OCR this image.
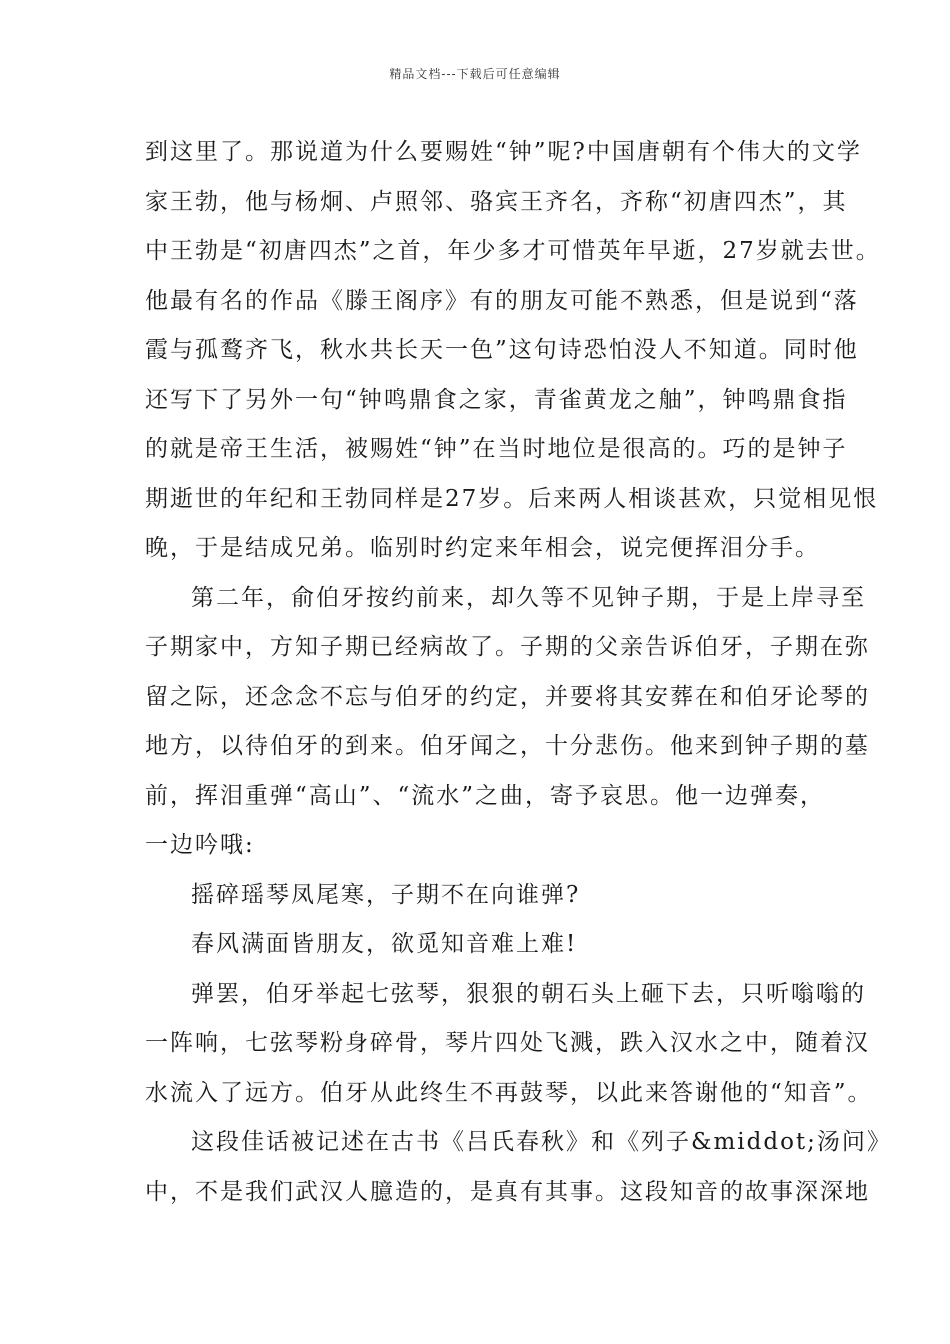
精品文档---下载后可任意编辑
到这里了。那说道为什么要赐姓“钟”呢?中国唐朝有个伟大的文学
家王勃，他与杨炯、卢照邻、骆宾王齐名，齐称“初唐四杰”，其
中王勃是“初唐四杰”之首，年少多才可惜英年早逝，27岁就去世。
他最有名的作品《滕王阁序》有的朋友可能不熟悉，但是说到“落
霞与孤鹜齐飞，秋水共长天一色”这句诗恐怕没人不知道。同时他
还写下了另外一句“钟鸣鼎食之家，青雀黄龙之舳”，钟鸣鼎食指
的就是帝王生活，被赐姓“钟”在当时地位是很高的。巧的是钟子
期逝世的年纪和王勃同样是27岁。后来两人相谈甚欢，只觉相见恨
晚，于是结成兄弟。临别时约定来年相会，说完便挥泪分手。
第二年，俞伯牙按约前来，却久等不见钟子期，于是上岸寻至
子期家中，方知子期已经病故了。子期的父亲告诉伯牙，子期在弥
留之际，还念念不忘与伯牙的约定，并要将其安葬在和伯牙论琴的
地方，以待伯牙的到来。伯牙闻之，十分悲伤。他来到钟子期的墓
前，挥泪重弹“高山”、“流水”之曲，寄予哀思。他一边弹奏，
一边吟哦:
摇碎瑶琴凤尾寒，子期不在向谁弹?
春风满面皆朋友，欲觅知音难上难!
弹罢，伯牙举起七弦琴，狠狠的朝石头上砸下去，只听嗡嗡的
一阵响，七弦琴粉身碎骨，琴片四处飞溅，跌入汉水之中，随着汉
水流入了远方。伯牙从此终生不再鼓琴，以此来答谢他的“知音”。
这段佳话被记述在古书《吕氏春秋》和《列子&middot;汤问》
中，不是我们武汉人臆造的，是真有其事。这段知音的故事深深地
